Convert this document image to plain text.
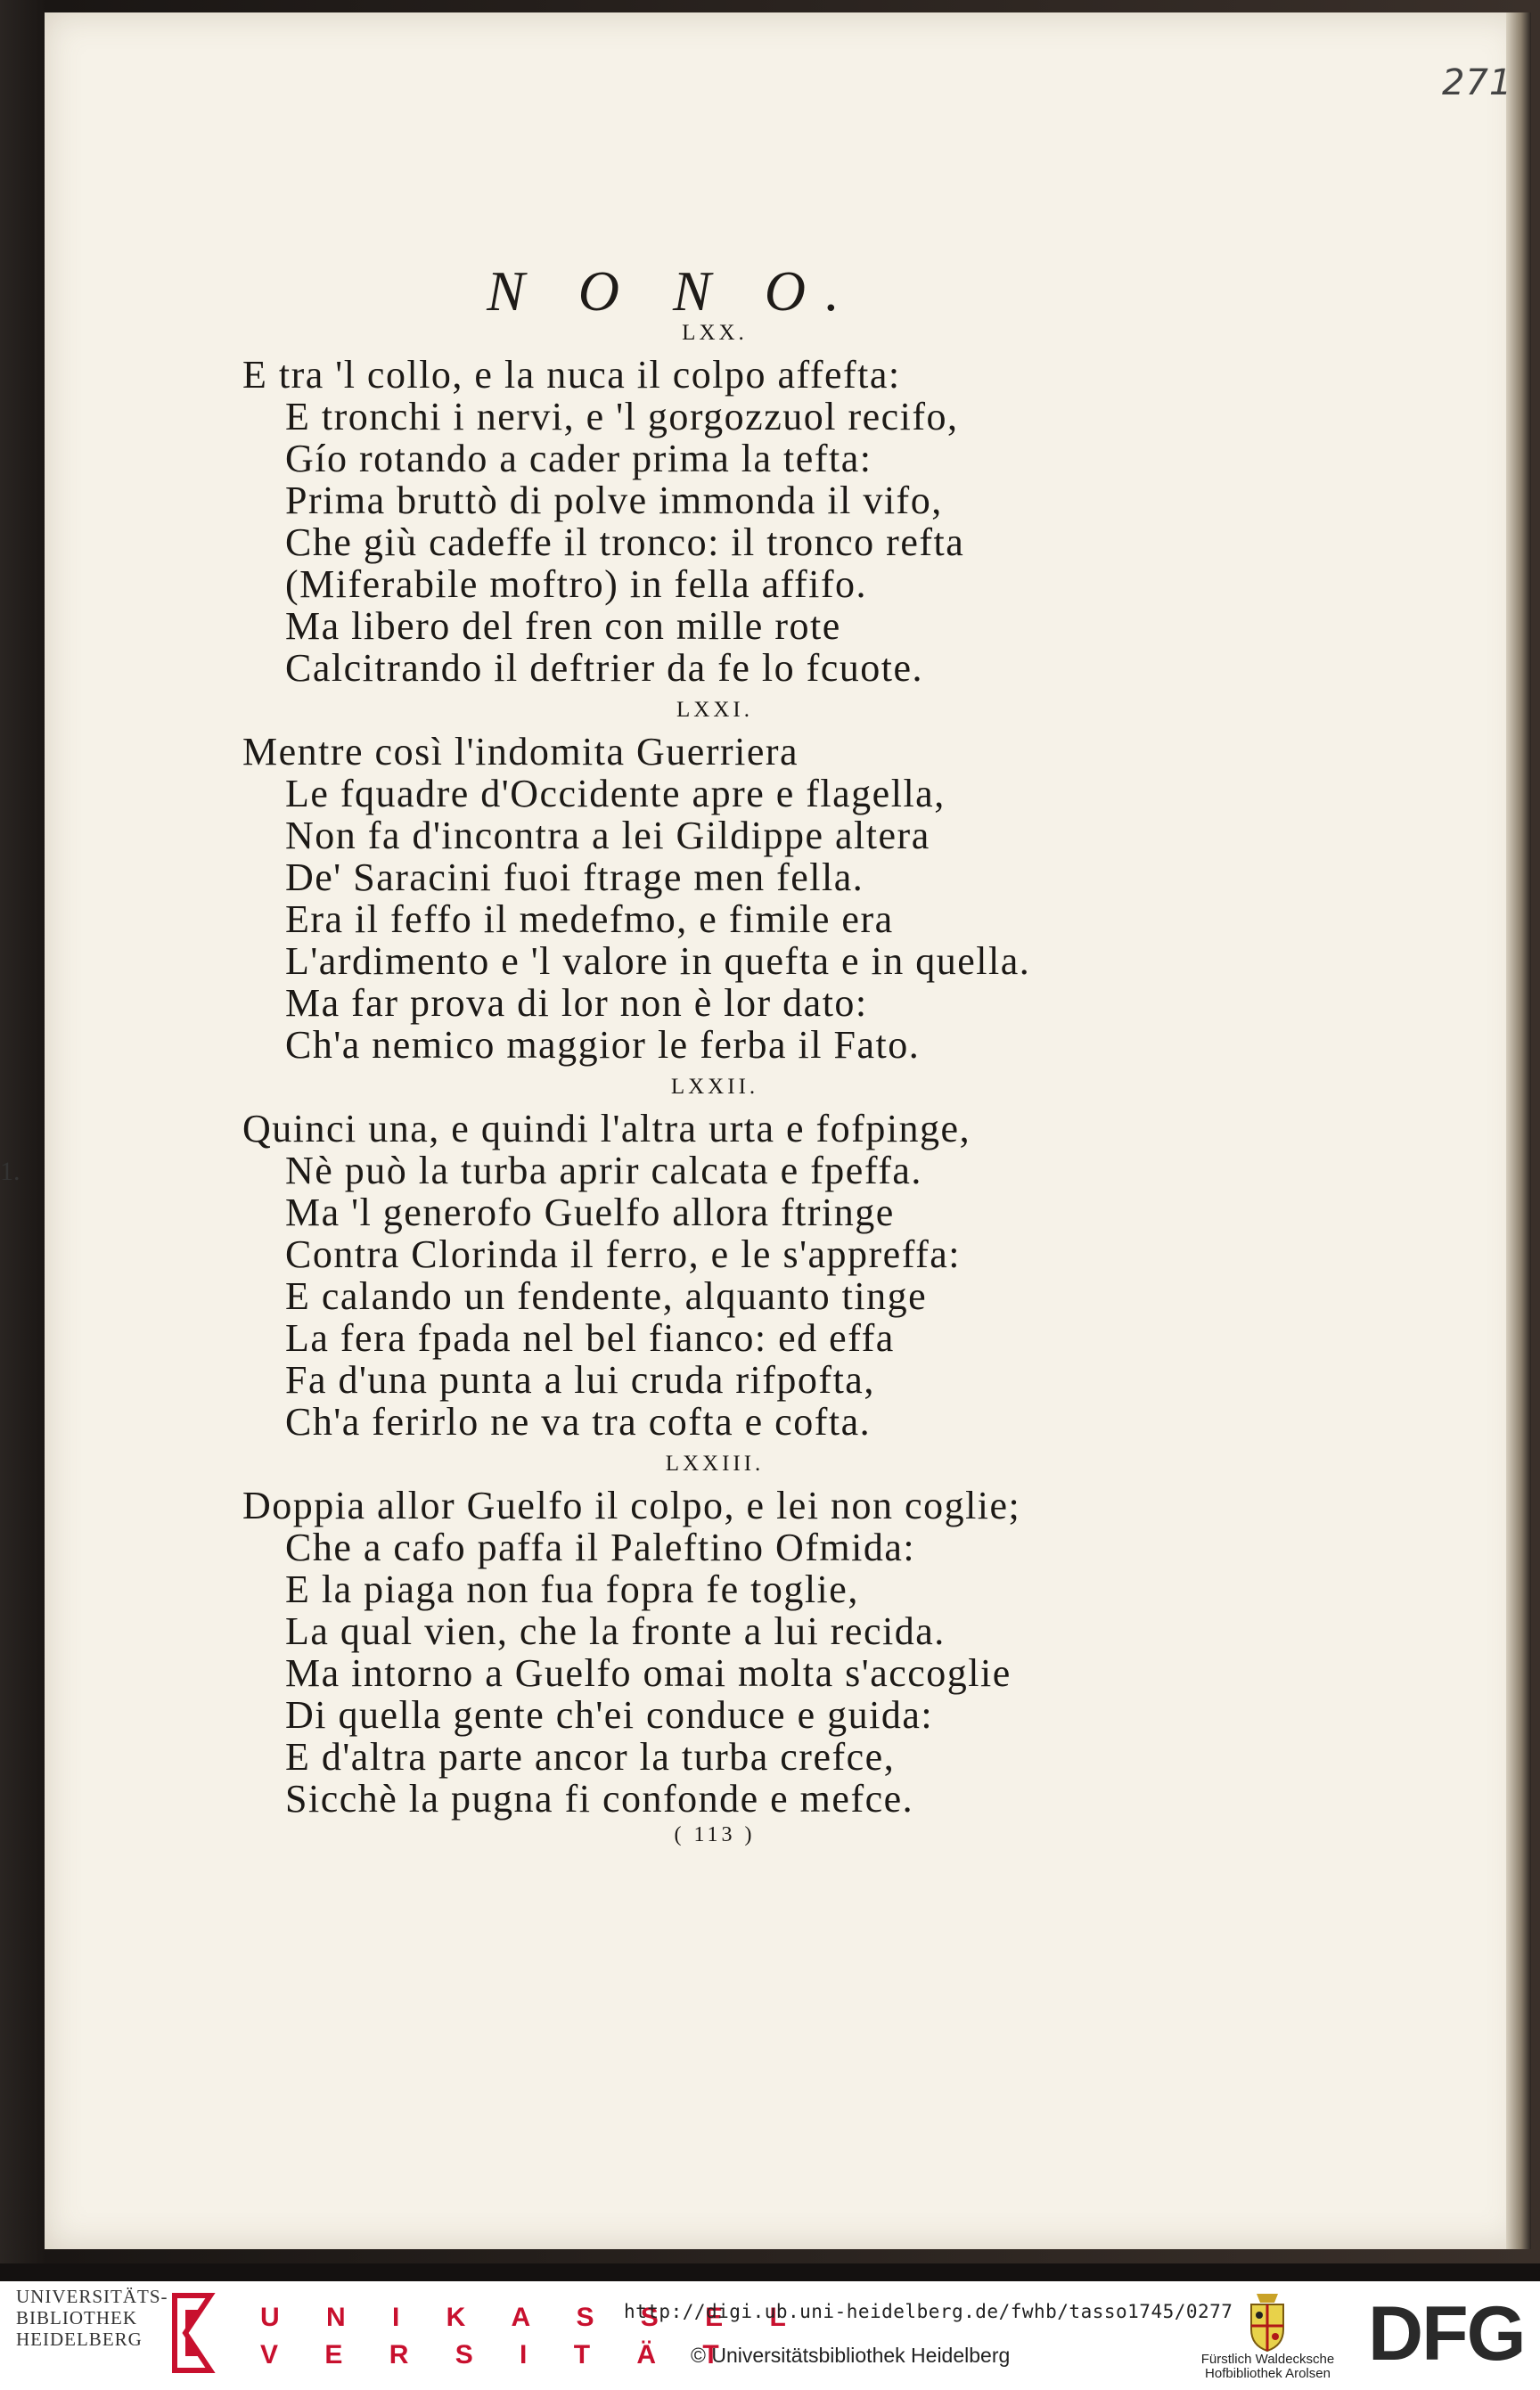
271
N O N O.
1.
LXX.
E tra 'l collo, e la nuca il colpo affefta:
E tronchi i nervi, e 'l gorgozzuol recifo,
Gío rotando a cader prima la tefta:
Prima bruttò di polve immonda il vifo,
Che giù cadeffe il tronco: il tronco refta
(Miferabile moftro) in fella affifo.
Ma libero del fren con mille rote
Calcitrando il deftrier da fe lo fcuote.
LXXI.
Mentre così l'indomita Guerriera
Le fquadre d'Occidente apre e flagella,
Non fa d'incontra a lei Gildippe altera
De' Saracini fuoi ftrage men fella.
Era il feffo il medefmo, e fimile era
L'ardimento e 'l valore in quefta e in quella.
Ma far prova di lor non è lor dato:
Ch'a nemico maggior le ferba il Fato.
LXXII.
Quinci una, e quindi l'altra urta e fofpinge,
Nè può la turba aprir calcata e fpeffa.
Ma 'l generofo Guelfo allora ftringe
Contra Clorinda il ferro, e le s'appreffa:
E calando un fendente, alquanto tinge
La fera fpada nel bel fianco: ed effa
Fa d'una punta a lui cruda rifpofta,
Ch'a ferirlo ne va tra cofta e cofta.
LXXIII.
Doppia allor Guelfo il colpo, e lei non coglie;
Che a cafo paffa il Paleftino Ofmida:
E la piaga non fua fopra fe toglie,
La qual vien, che la fronte a lui recida.
Ma intorno a Guelfo omai molta s'accoglie
Di quella gente ch'ei conduce e guida:
E d'altra parte ancor la turba crefce,
Sicchè la pugna fi confonde e mefce.
( 113 )
UNIVERSITÄTS-
BIBLIOTHEK
HEIDELBERG
U N I K A S S E L
V E R S I T Ä T
http://digi.ub.uni-heidelberg.de/fwhb/tasso1745/0277
© Universitätsbibliothek Heidelberg	Fürstlich Waldecksche
Hofbibliothek Arolsen DFG
